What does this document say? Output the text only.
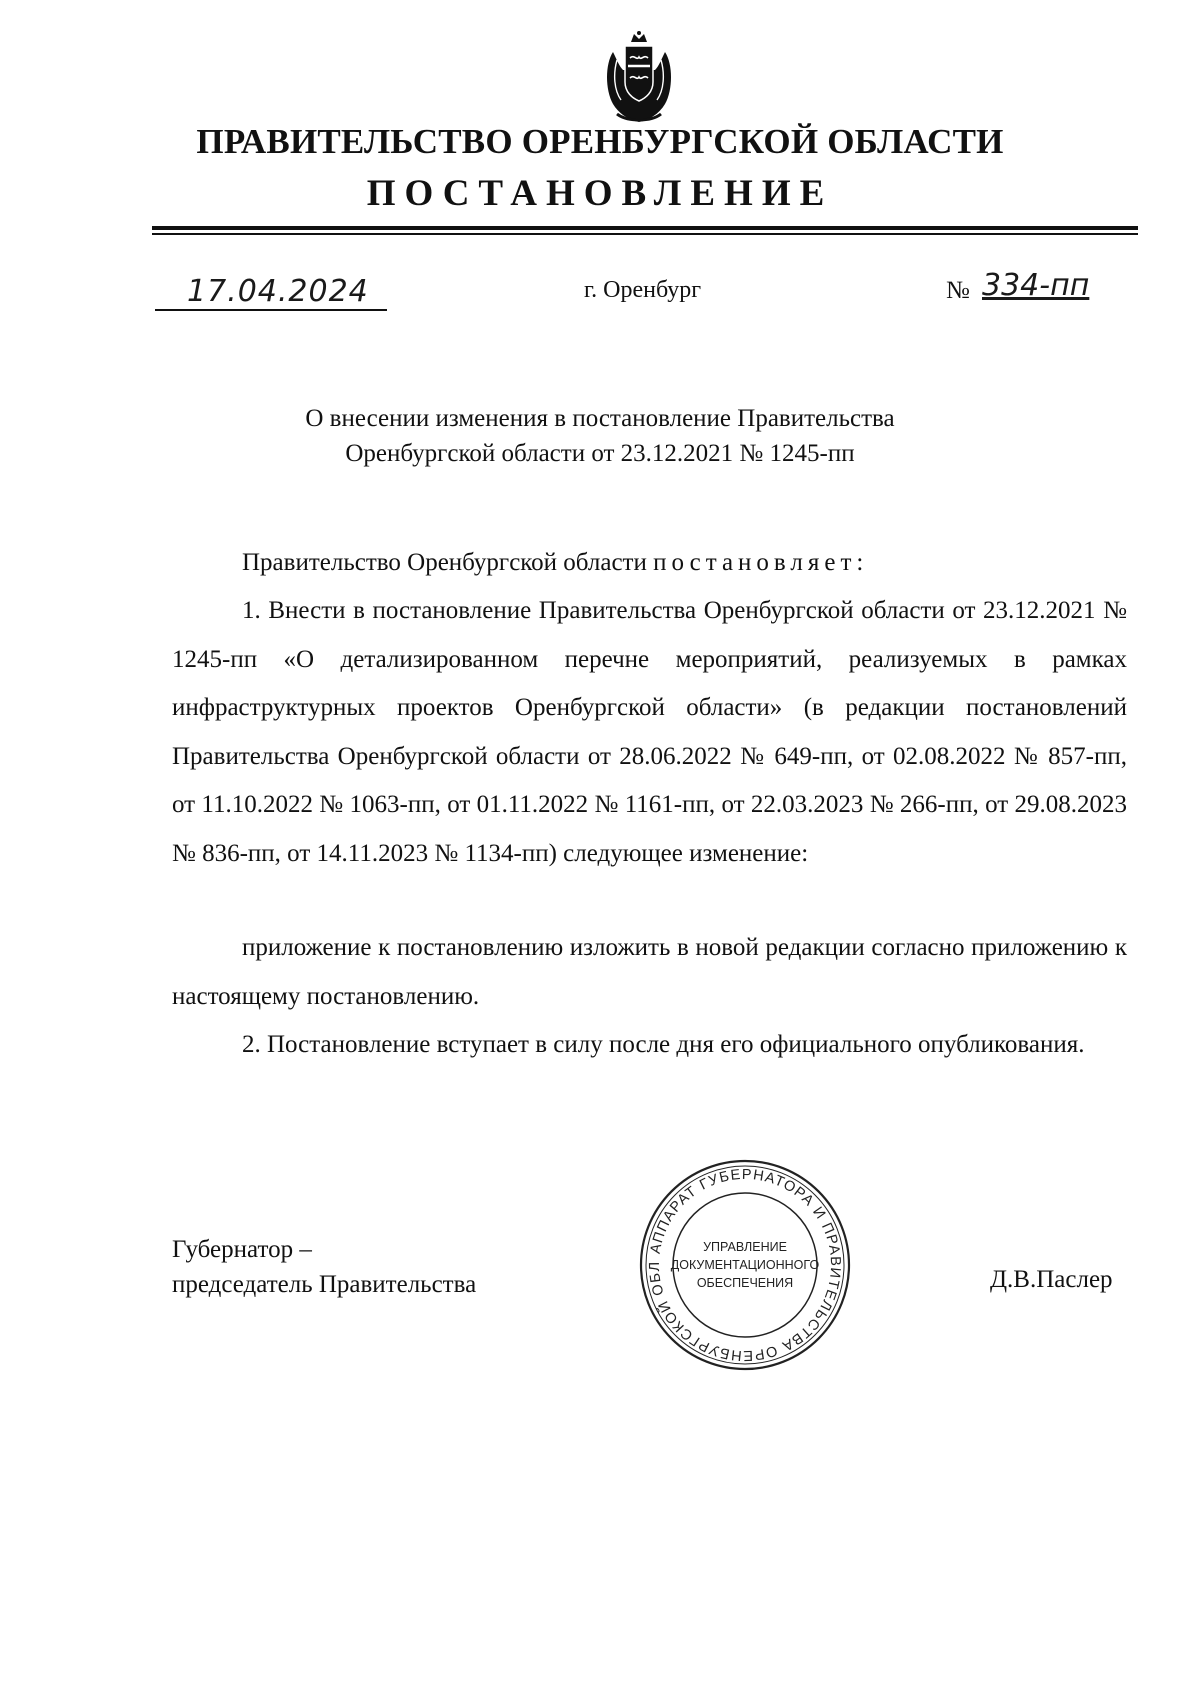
ПРАВИТЕЛЬСТВО ОРЕНБУРГСКОЙ ОБЛАСТИ
ПОСТАНОВЛЕНИЕ
17.04.2024	г. Оренбург	№ 334-пп

О внесении изменения в постановление Правительства

Оренбургской области от 23.12.2021 № 1245-пп

Правительство Оренбургской области постановляет:

1. Внести в постановление Правительства Оренбургской области от 23.12.2021 № 1245-пп «О детализированном перечне мероприятий, реализуемых в рамках инфраструктурных проектов Оренбургской области» (в редакции постановлений Правительства Оренбургской области от 28.06.2022 № 649-пп, от 02.08.2022 № 857-пп, от 11.10.2022 № 1063-пп, от 01.11.2022 № 1161-пп, от 22.03.2023 № 266-пп, от 29.08.2023 № 836-пп, от 14.11.2023 № 1134-пп) следующее изменение:

приложение к постановлению изложить в новой редакции согласно приложению к настоящему постановлению.

2. Постановление вступает в силу после дня его официального опубликования.

Губернатор –
председатель Правительства	Д.В.Паслер

АППАРАТ ГУБЕРНАТОРА И ПРАВИТЕЛЬСТВА ОРЕНБУРГСКОЙ ОБЛ
УПРАВЛЕНИЕ
ДОКУМЕНТАЦИОННОГО
ОБЕСПЕЧЕНИЯ
